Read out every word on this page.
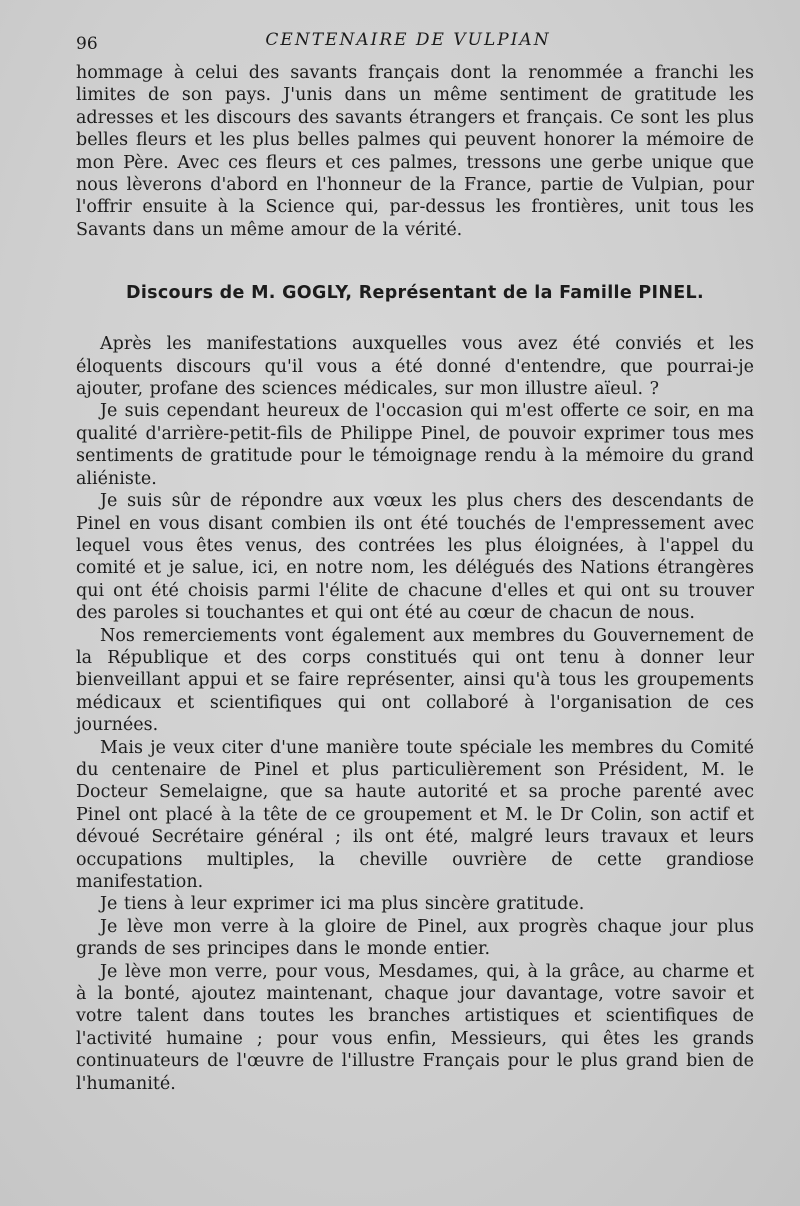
96	CENTENAIRE DE VULPIAN

hommage à celui des savants français dont la renommée a franchi les limites de son pays. J'unis dans un même sentiment de gratitude les adresses et les discours des savants étrangers et français. Ce sont les plus belles fleurs et les plus belles palmes qui peuvent honorer la mémoire de mon Père. Avec ces fleurs et ces palmes, tressons une gerbe unique que nous lèverons d'abord en l'honneur de la France, partie de Vulpian, pour l'offrir ensuite à la Science qui, par-dessus les frontières, unit tous les Savants dans un même amour de la vérité.

Discours de M. GOGLY, Représentant de la Famille PINEL.

Après les manifestations auxquelles vous avez été conviés et les éloquents discours qu'il vous a été donné d'entendre, que pourrai-je ajouter, profane des sciences médicales, sur mon illustre aïeul. ?

Je suis cependant heureux de l'occasion qui m'est offerte ce soir, en ma qualité d'arrière-petit-fils de Philippe Pinel, de pouvoir exprimer tous mes sentiments de gratitude pour le témoignage rendu à la mémoire du grand aliéniste.

Je suis sûr de répondre aux vœux les plus chers des descendants de Pinel en vous disant combien ils ont été touchés de l'empressement avec lequel vous êtes venus, des contrées les plus éloignées, à l'appel du comité et je salue, ici, en notre nom, les délégués des Nations étrangères qui ont été choisis parmi l'élite de chacune d'elles et qui ont su trouver des paroles si touchantes et qui ont été au cœur de chacun de nous.

Nos remerciements vont également aux membres du Gouvernement de la République et des corps constitués qui ont tenu à donner leur bienveillant appui et se faire représenter, ainsi qu'à tous les groupements médicaux et scientifiques qui ont collaboré à l'organisation de ces journées.

Mais je veux citer d'une manière toute spéciale les membres du Comité du centenaire de Pinel et plus particulièrement son Président, M. le Docteur Semelaigne, que sa haute autorité et sa proche parenté avec Pinel ont placé à la tête de ce groupement et M. le Dr Colin, son actif et dévoué Secrétaire général ; ils ont été, malgré leurs travaux et leurs occupations multiples, la cheville ouvrière de cette grandiose manifestation.

Je tiens à leur exprimer ici ma plus sincère gratitude.

Je lève mon verre à la gloire de Pinel, aux progrès chaque jour plus grands de ses principes dans le monde entier.

Je lève mon verre, pour vous, Mesdames, qui, à la grâce, au charme et à la bonté, ajoutez maintenant, chaque jour davantage, votre savoir et votre talent dans toutes les branches artistiques et scientifiques de l'activité humaine ; pour vous enfin, Messieurs, qui êtes les grands continuateurs de l'œuvre de l'illustre Français pour le plus grand bien de l'humanité.
